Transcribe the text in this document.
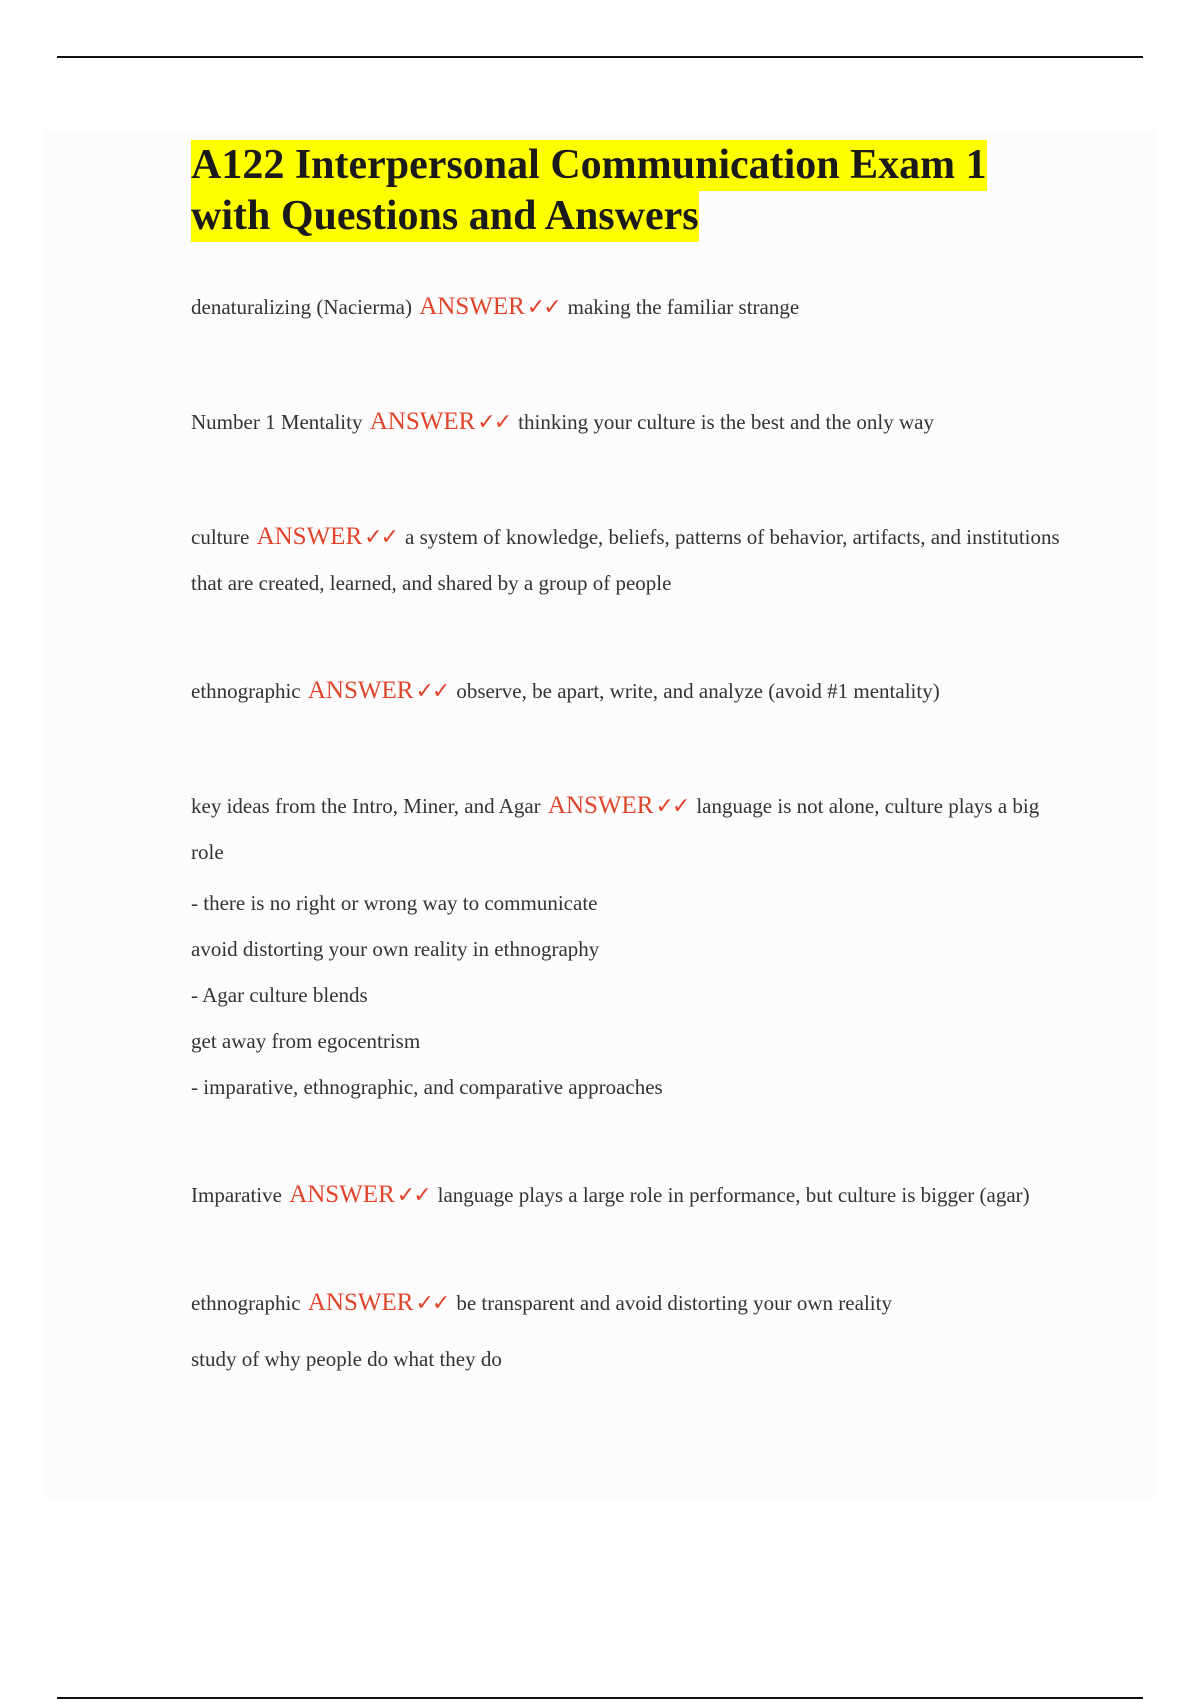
A122 Interpersonal Communication Exam 1 with Questions and Answers
denaturalizing (Nacierma) ANSWER✓✓ making the familiar strange
Number 1 Mentality ANSWER✓✓ thinking your culture is the best and the only way
culture ANSWER✓✓ a system of knowledge, beliefs, patterns of behavior, artifacts, and institutions that are created, learned, and shared by a group of people
ethnographic ANSWER✓✓ observe, be apart, write, and analyze (avoid #1 mentality)
key ideas from the Intro, Miner, and Agar ANSWER✓✓ language is not alone, culture plays a big role
- there is no right or wrong way to communicate
avoid distorting your own reality in ethnography
- Agar culture blends
get away from egocentrism
- imparative, ethnographic, and comparative approaches
Imparative ANSWER✓✓ language plays a large role in performance, but culture is bigger (agar)
ethnographic ANSWER✓✓ be transparent and avoid distorting your own reality
study of why people do what they do
